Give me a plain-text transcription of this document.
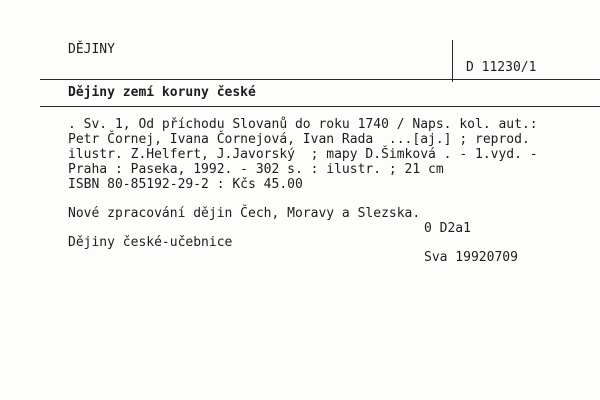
DĚJINY
D 11230/1
Dějiny zemí koruny české
. Sv. 1, Od příchodu Slovanů do roku 1740 / Naps. kol. aut.:
Petr Čornej, Ivana Čornejová, Ivan Rada  ...[aj.] ; reprod.
ilustr. Z.Helfert, J.Javorský  ; mapy D.Šimková . - 1.vyd. -
Praha : Paseka, 1992. - 302 s. : ilustr. ; 21 cm
ISBN 80-85192-29-2 : Kčs 45.00
Nové zpracování dějin Čech, Moravy a Slezska.
0 D2a1
Dějiny české-učebnice
Sva 19920709
